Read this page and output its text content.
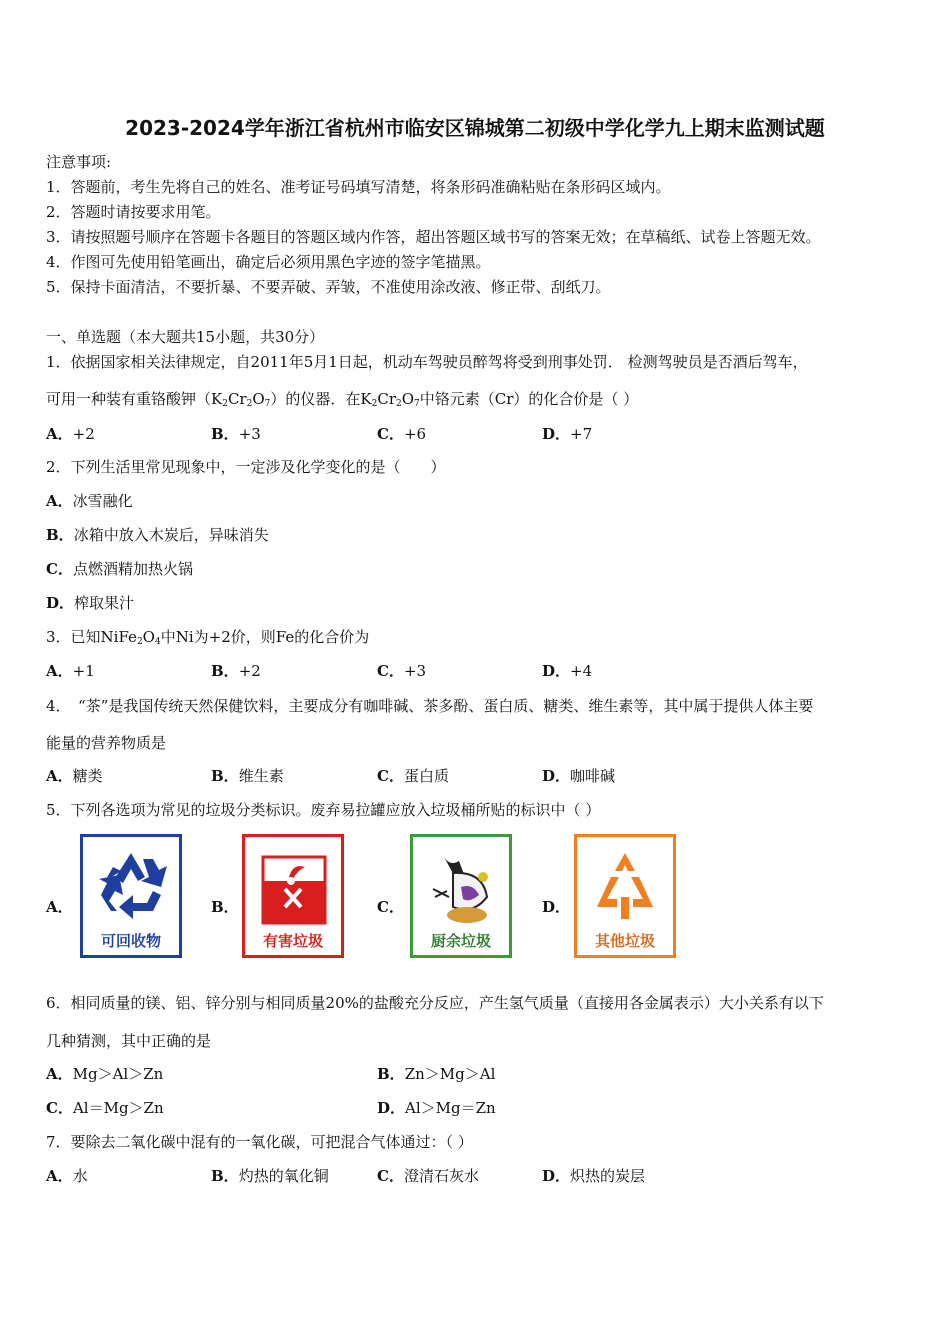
2023-2024学年浙江省杭州市临安区锦城第二初级中学化学九上期末监测试题
注意事项:
1．答题前，考生先将自己的姓名、准考证号码填写清楚，将条形码准确粘贴在条形码区域内。
2．答题时请按要求用笔。
3．请按照题号顺序在答题卡各题目的答题区域内作答，超出答题区域书写的答案无效；在草稿纸、试卷上答题无效。
4．作图可先使用铅笔画出，确定后必须用黑色字迹的签字笔描黑。
5．保持卡面清洁，不要折暴、不要弄破、弄皱，不准使用涂改液、修正带、刮纸刀。
一、单选题（本大题共15小题，共30分）
1．依据国家相关法律规定，自2011年5月1日起，机动车驾驶员醉驾将受到刑事处罚． 检测驾驶员是否酒后驾车，
可用一种装有重铬酸钾$(K_2Cr_2O_7)$的仪器．在$K_2Cr_2O_7$中铬元素（Cr）的化合价是（ ）
A．+2	B．+3	C．+6	D．+7
2．下列生活里常见现象中，一定涉及化学变化的是（　　）
A．冰雪融化
B．冰箱中放入木炭后，异味消失
C．点燃酒精加热火锅
D．榨取果汁
3．已知$NiFe_2O_4$中Ni为+2价，则Fe的化合价为
A．+1	B．+2	C．+3	D．+4
4．　“茶”是我国传统天然保健饮料，主要成分有咖啡碱、茶多酚、蛋白质、糖类、维生素等，其中属于提供人体主要
能量的营养物质是
A．糖类	B．维生素	C．蛋白质	D．咖啡碱
5．下列各选项为常见的垃圾分类标识。废弃易拉罐应放入垃圾桶所贴的标识中（ ）
A．
可回收物
B．
有害垃圾
C．
厨余垃圾
D．
其他垃圾
6．相同质量的镁、铝、锌分别与相同质量20%的盐酸充分反应，产生氢气质量（直接用各金属表示）大小关系有以下
几种猜测，其中正确的是
A．Mg＞Al＞Zn	B．Zn＞Mg＞Al
C．Al＝Mg＞Zn	D．Al＞Mg＝Zn
7．要除去二氧化碳中混有的一氧化碳，可把混合气体通过：（ ）
A．水	B．灼热的氧化铜	C．澄清石灰水	D．炽热的炭层
